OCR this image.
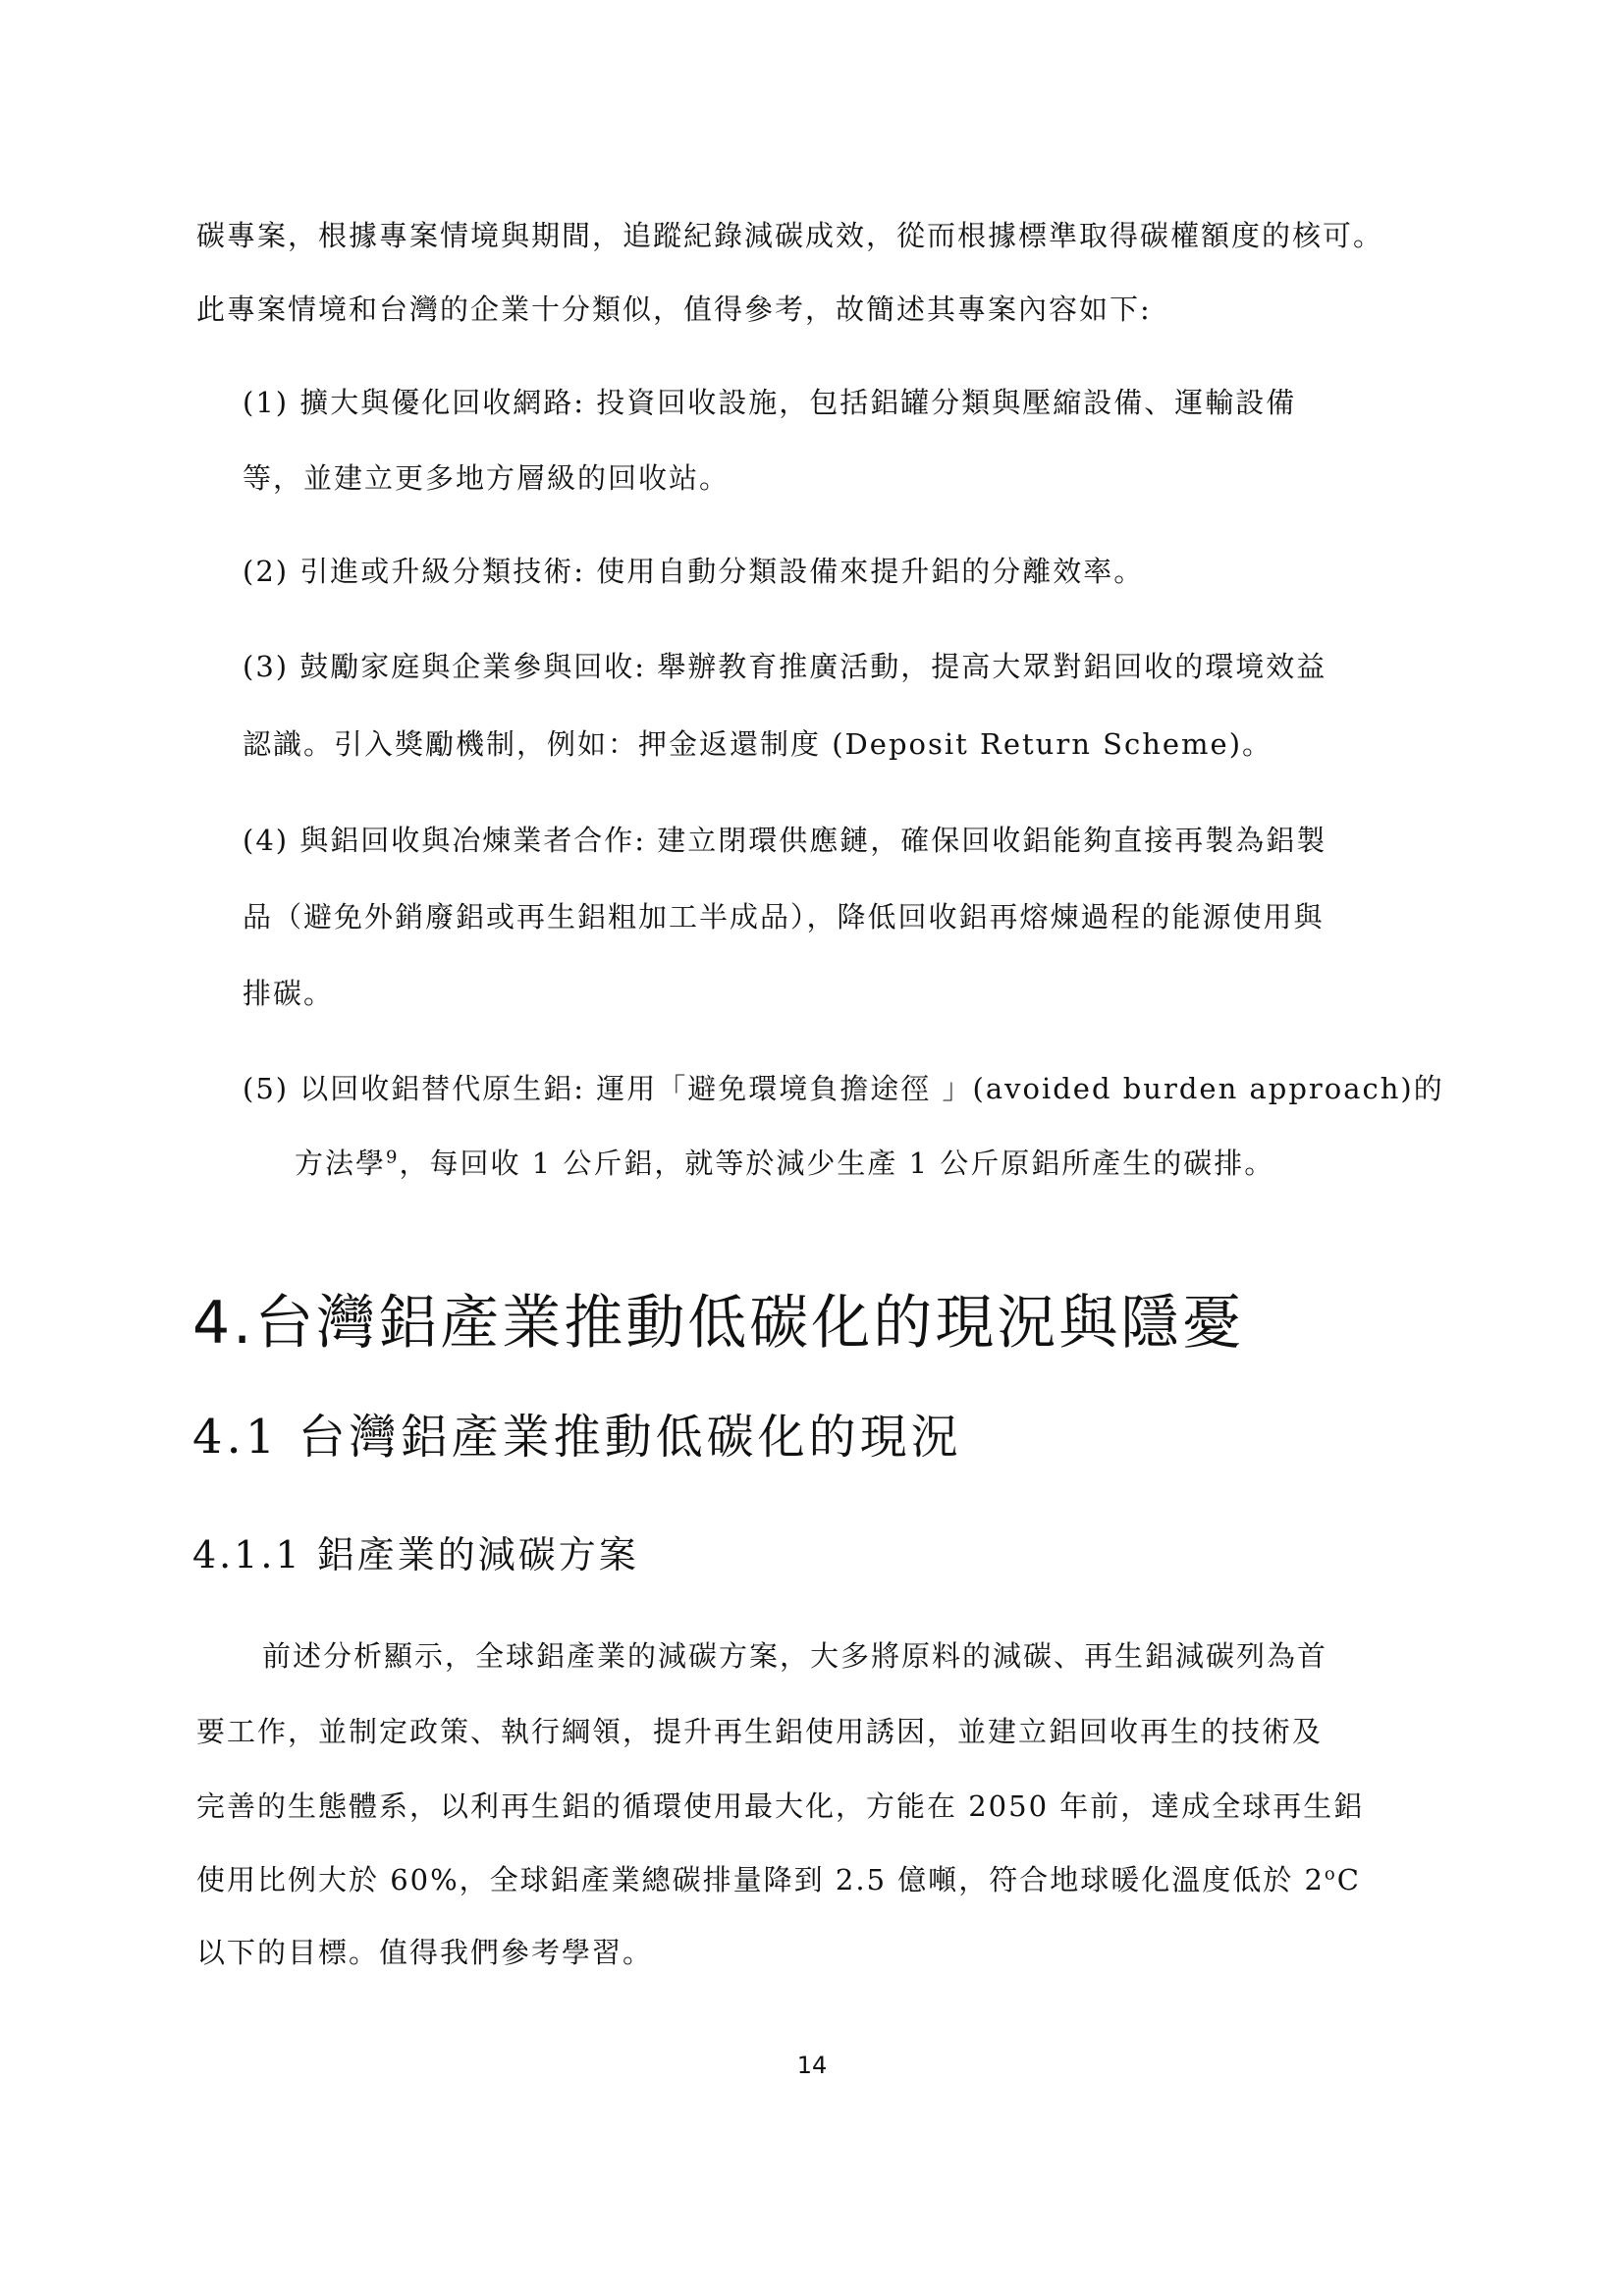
碳專案，根據專案情境與期間，追蹤紀錄減碳成效，從而根據標準取得碳權額度的核可。

此專案情境和台灣的企業十分類似，值得參考，故簡述其專案內容如下:

(1) 擴大與優化回收網路: 投資回收設施，包括鋁罐分類與壓縮設備、運輸設備

等，並建立更多地方層級的回收站。

(2) 引進或升級分類技術: 使用自動分類設備來提升鋁的分離效率。

(3) 鼓勵家庭與企業參與回收: 舉辦教育推廣活動，提高大眾對鋁回收的環境效益

認識。引入獎勵機制，例如：押金返還制度 (Deposit Return Scheme)。

(4) 與鋁回收與冶煉業者合作: 建立閉環供應鏈，確保回收鋁能夠直接再製為鋁製

品（避免外銷廢鋁或再生鋁粗加工半成品），降低回收鋁再熔煉過程的能源使用與

排碳。

(5) 以回收鋁替代原生鋁: 運用「避免環境負擔途徑 」(avoided burden approach)的

方法學$^9$，每回收 1 公斤鋁，就等於減少生產 1 公斤原鋁所產生的碳排。

4.台灣鋁產業推動低碳化的現況與隱憂
4.1 台灣鋁產業推動低碳化的現況
4.1.1 鋁產業的減碳方案

前述分析顯示，全球鋁產業的減碳方案，大多將原料的減碳、再生鋁減碳列為首

要工作，並制定政策、執行綱領，提升再生鋁使用誘因，並建立鋁回收再生的技術及

完善的生態體系，以利再生鋁的循環使用最大化，方能在 2050 年前，達成全球再生鋁

使用比例大於 60%，全球鋁產業總碳排量降到 2.5 億噸，符合地球暖化溫度低於 2$^o$C

以下的目標。值得我們參考學習。

14
